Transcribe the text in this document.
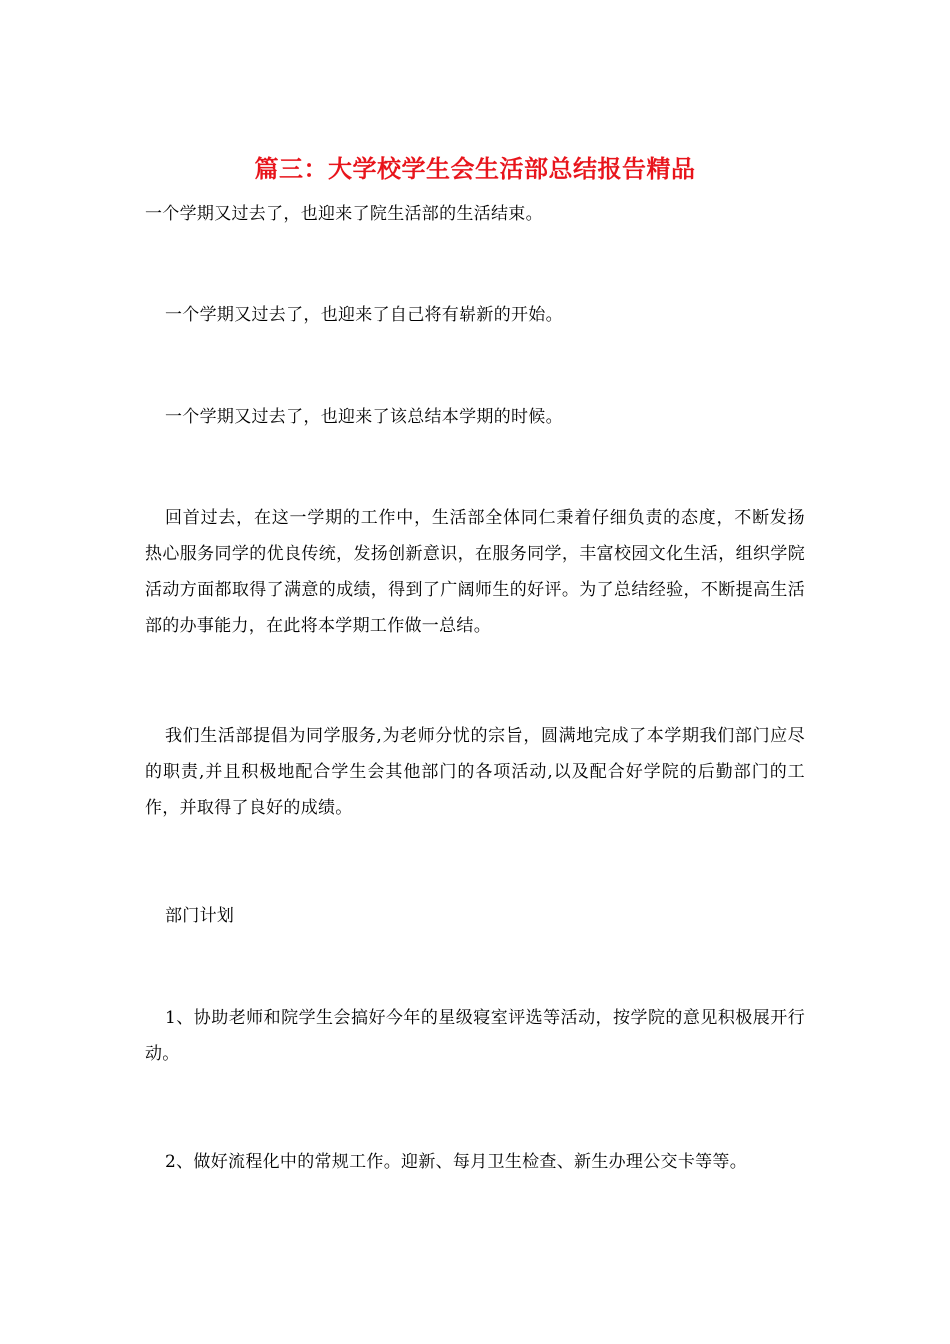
篇三：大学校学生会生活部总结报告精品

一个学期又过去了，也迎来了院生活部的生活结束。

一个学期又过去了，也迎来了自己将有崭新的开始。

一个学期又过去了，也迎来了该总结本学期的时候。

回首过去，在这一学期的工作中，生活部全体同仁秉着仔细负责的态度，不断发扬热心服务同学的优良传统，发扬创新意识，在服务同学，丰富校园文化生活，组织学院活动方面都取得了满意的成绩，得到了广阔师生的好评。为了总结经验，不断提高生活部的办事能力，在此将本学期工作做一总结。

我们生活部提倡为同学服务,为老师分忧的宗旨，圆满地完成了本学期我们部门应尽的职责,并且积极地配合学生会其他部门的各项活动,以及配合好学院的后勤部门的工作，并取得了良好的成绩。

部门计划

1、协助老师和院学生会搞好今年的星级寝室评选等活动，按学院的意见积极展开行动。

2、做好流程化中的常规工作。迎新、每月卫生检查、新生办理公交卡等等。
